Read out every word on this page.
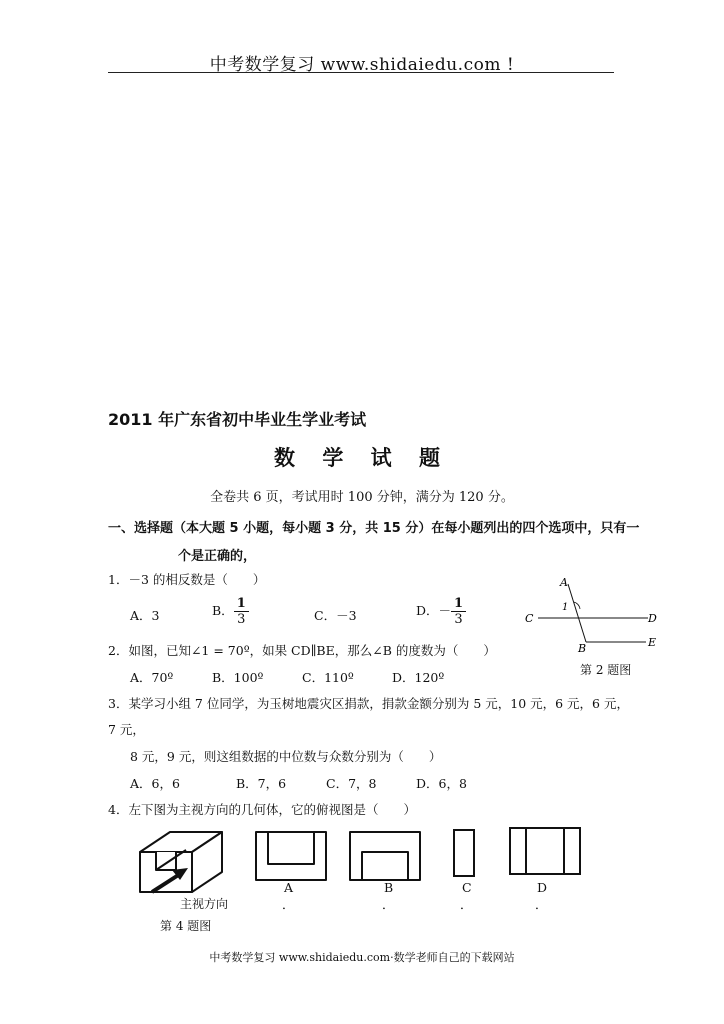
中考数学复习 www.shidaiedu.com !
2011 年广东省初中毕业生学业考试
数 学 试 题
全卷共 6 页，考试用时 100 分钟，满分为 120 分。
一、选择题（本大题 5 小题，每小题 3 分，共 15 分）在每小题列出的四个选项中，只有一
个是正确的，
1．－3 的相反数是（　　）
A．3	B． $\frac{1}{3}$	C．－3	D．－ $\frac{1}{3}$
A
C	D
B	E
1
第 2 题图
2．如图，已知∠1 = 70º，如果 CD∥BE，那么∠B 的度数为（　　）
A．70º	B．100º	C．110º	D．120º
3．某学习小组 7 位同学，为玉树地震灾区捐款，捐款金额分别为 5 元，10 元，6 元，6 元，
7 元，
8 元，9 元，则这组数据的中位数与众数分别为（　　）
A．6，6	B．7，6	C．7，8	D．6，8
4．左下图为主视方向的几何体，它的俯视图是（　　）
A	B	C	D
．	．	．	．
主视方向
第 4 题图
中考数学复习 www.shidaiedu.com·数学老师自己的下载网站
